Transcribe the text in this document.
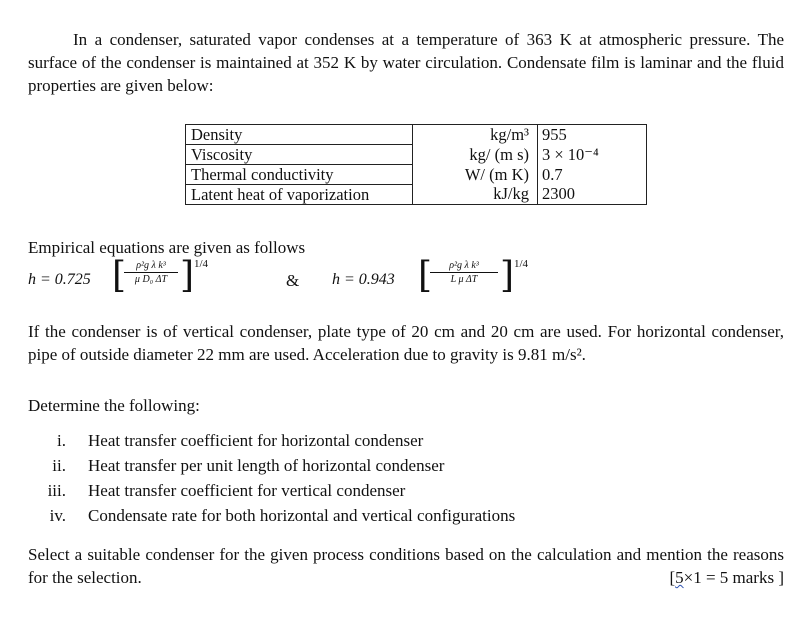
In a condenser, saturated vapor condenses at a temperature of 363 K at atmospheric pressure. The surface of the condenser is maintained at 352 K by water circulation. Condensate film is laminar and the fluid properties are given below:
Density	kg/m³	955
Viscosity	kg/ (m s)	3 × 10⁻⁴
Thermal conductivity	W/ (m K)	0.7
Latent heat of vaporization	kJ/kg	2300
Empirical equations are given as follows
h = 0.725 [
$\frac{\text{ρ²g λ k³}}{\text{μ D₀ ΔT}}$ ] 1/4
& h = 0.943 [
$\frac{\text{ρ²g λ k³}}{\text{L μ ΔT}}$ ] 1/4
If the condenser is of vertical condenser, plate type of 20 cm and 20 cm are used. For horizontal condenser, pipe of outside diameter 22 mm are used. Acceleration due to gravity is 9.81 m/s².
Determine the following:
i. Heat transfer coefficient for horizontal condenser
ii. Heat transfer per unit length of horizontal condenser
iii. Heat transfer coefficient for vertical condenser
iv. Condensate rate for both horizontal and vertical configurations
Select a suitable condenser for the given process conditions based on the calculation and mention the reasons for the selection.	[5×1 = 5 marks ]
